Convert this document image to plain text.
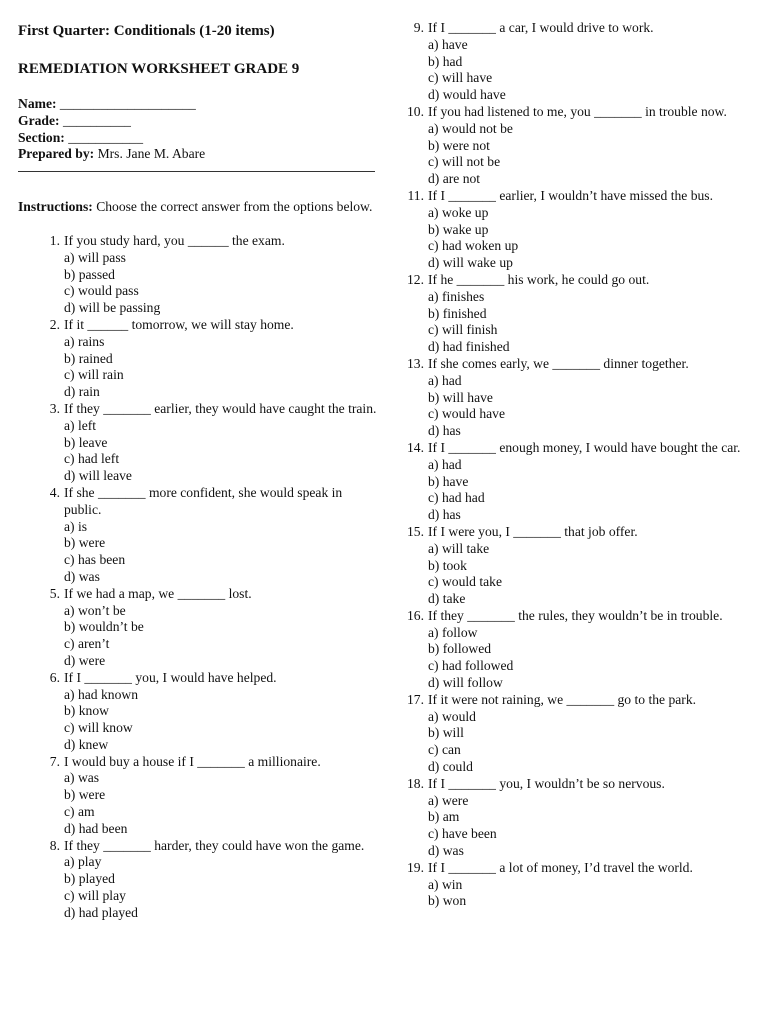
First Quarter: Conditionals (1-20 items)
REMEDIATION WORKSHEET GRADE 9

Name: ____________________

Grade: __________

Section: ___________

Prepared by: Mrs. Jane M. Abare

Instructions: Choose the correct answer from the options below.

1. If you study hard, you ______ the exam.
a) will pass
b) passed
c) would pass
d) will be passing
2. If it ______ tomorrow, we will stay home.
a) rains
b) rained
c) will rain
d) rain
3. If they _______ earlier, they would have caught the train.
a) left
b) leave
c) had left
d) will leave
4. If she _______ more confident, she would speak in public.
a) is
b) were
c) has been
d) was
5. If we had a map, we _______ lost.
a) won’t be
b) wouldn’t be
c) aren’t
d) were
6. If I _______ you, I would have helped.
a) had known
b) know
c) will know
d) knew
7. I would buy a house if I _______ a millionaire.
a) was
b) were
c) am
d) had been
8. If they _______ harder, they could have won the game.
a) play
b) played
c) will play
d) had played
9. If I _______ a car, I would drive to work.
a) have
b) had
c) will have
d) would have
10. If you had listened to me, you _______ in trouble now.
a) would not be
b) were not
c) will not be
d) are not
11. If I _______ earlier, I wouldn’t have missed the bus.
a) woke up
b) wake up
c) had woken up
d) will wake up
12. If he _______ his work, he could go out.
a) finishes
b) finished
c) will finish
d) had finished
13. If she comes early, we _______ dinner together.
a) had
b) will have
c) would have
d) has
14. If I _______ enough money, I would have bought the car.
a) had
b) have
c) had had
d) has
15. If I were you, I _______ that job offer.
a) will take
b) took
c) would take
d) take
16. If they _______ the rules, they wouldn’t be in trouble.
a) follow
b) followed
c) had followed
d) will follow
17. If it were not raining, we _______ go to the park.
a) would
b) will
c) can
d) could
18. If I _______ you, I wouldn’t be so nervous.
a) were
b) am
c) have been
d) was
19. If I _______ a lot of money, I’d travel the world.
a) win
b) won
